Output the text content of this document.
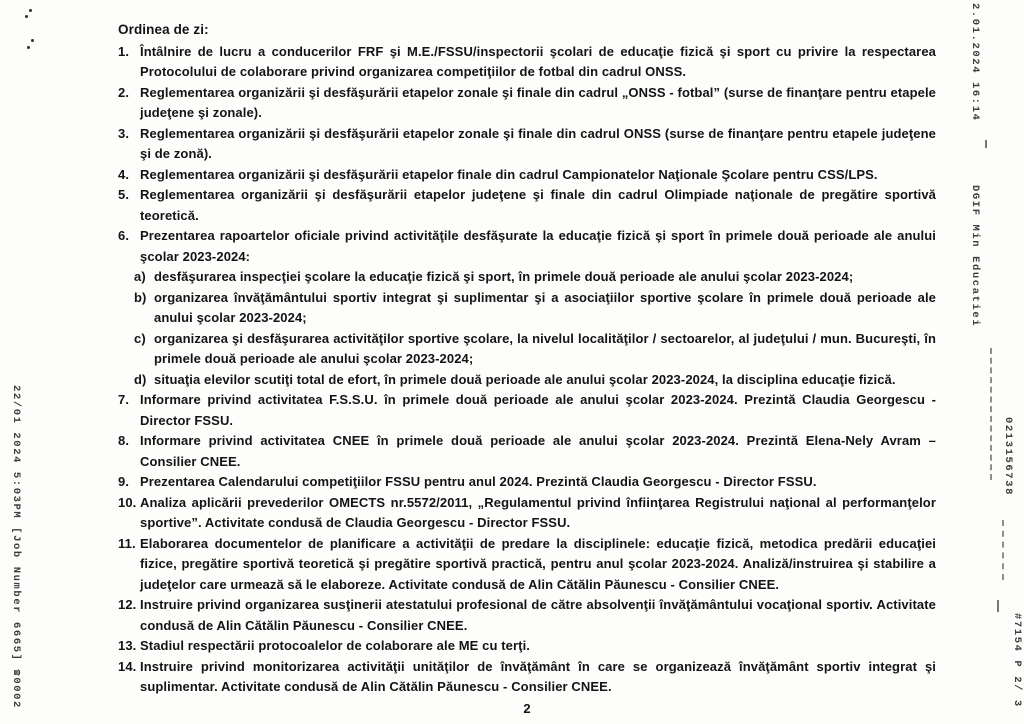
Ordinea de zi:

1. Întâlnire de lucru a conducerilor FRF şi M.E./FSSU/inspectorii şcolari de educaţie fizică şi sport cu privire la respectarea Protocolului de colaborare privind organizarea competiţiilor de fotbal din cadrul ONSS.
2. Reglementarea organizării şi desfăşurării etapelor zonale şi finale din cadrul „ONSS - fotbal” (surse de finanţare pentru etapele judeţene şi zonale).
3. Reglementarea organizării şi desfăşurării etapelor zonale şi finale din cadrul ONSS (surse de finanţare pentru etapele judeţene şi de zonă).
4. Reglementarea organizării şi desfăşurării etapelor finale din cadrul Campionatelor Naţionale Şcolare pentru CSS/LPS.
5. Reglementarea organizării şi desfăşurării etapelor judeţene şi finale din cadrul Olimpiade naţionale de pregătire sportivă teoretică.
6. Prezentarea rapoartelor oficiale privind activităţile desfăşurate la educaţie fizică şi sport în primele două perioade ale anului şcolar 2023-2024:
a) desfăşurarea inspecţiei şcolare la educaţie fizică şi sport, în primele două perioade ale anului şcolar 2023-2024;
b) organizarea învăţământului sportiv integrat şi suplimentar şi a asociaţiilor sportive şcolare în primele două perioade ale anului şcolar 2023-2024;
c) organizarea şi desfăşurarea activităţilor sportive şcolare, la nivelul localităţilor / sectoarelor, al judeţului / mun. Bucureşti, în primele două perioade ale anului şcolar 2023-2024;
d) situaţia elevilor scutiţi total de efort, în primele două perioade ale anului şcolar 2023-2024, la disciplina educaţie fizică.
7. Informare privind activitatea F.S.S.U. în primele două perioade ale anului şcolar 2023-2024. Prezintă Claudia Georgescu - Director FSSU.
8. Informare privind activitatea CNEE în primele două perioade ale anului şcolar 2023-2024. Prezintă Elena-Nely Avram – Consilier CNEE.
9. Prezentarea Calendarului competiţiilor FSSU pentru anul 2024. Prezintă Claudia Georgescu - Director FSSU.
10. Analiza aplicării prevederilor OMECTS nr.5572/2011, „Regulamentul privind înfiinţarea Registrului naţional al performanţelor sportive”. Activitate condusă de Claudia Georgescu - Director FSSU.
11. Elaborarea documentelor de planificare a activităţii de predare la disciplinele: educaţie fizică, metodica predării educaţiei fizice, pregătire sportivă teoretică şi pregătire sportivă practică, pentru anul şcolar 2023-2024. Analiză/instruirea şi stabilire a judeţelor care urmează să le elaboreze. Activitate condusă de Alin Cătălin Păunescu - Consilier CNEE.
12. Instruire privind organizarea susţinerii atestatului profesional de către absolvenţii învăţământului vocaţional sportiv. Activitate condusă de Alin Cătălin Păunescu - Consilier CNEE.
13. Stadiul respectării protocoalelor de colaborare ale ME cu terţi.
14. Instruire privind monitorizarea activităţii unităţilor de învăţământ în care se organizează învăţământ sportiv integrat şi suplimentar. Activitate condusă de Alin Cătălin Păunescu - Consilier CNEE.
2
2.01.2024 16:14
DGIF Min Educatiei
0213156738
#7154 P 2/ 3
22/01 2024 5:03PM [Job Number 6665] ☎0002
